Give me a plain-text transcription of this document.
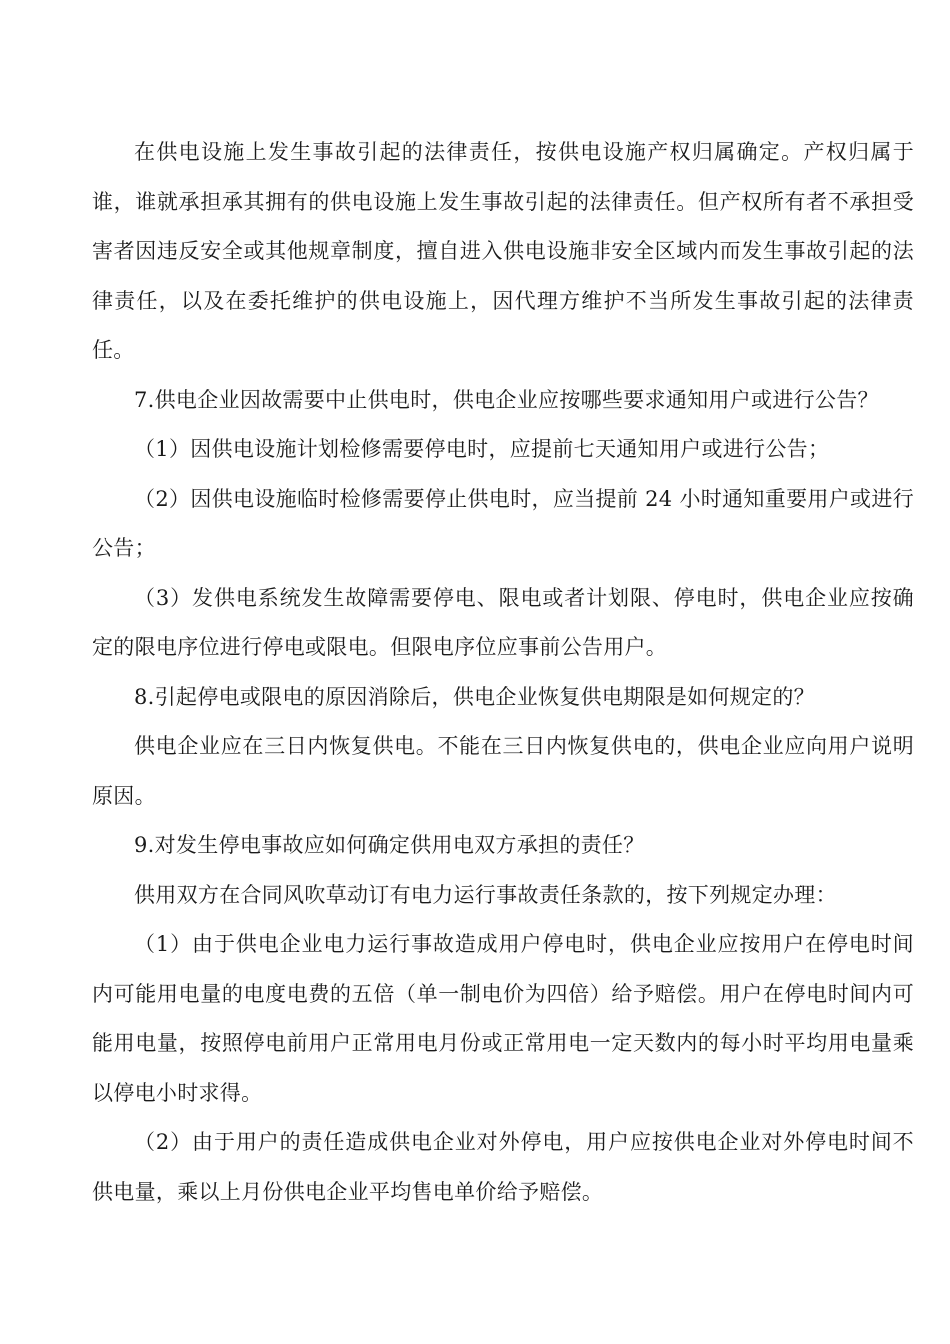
在供电设施上发生事故引起的法律责任，按供电设施产权归属确定。产权归属于谁，谁就承担承其拥有的供电设施上发生事故引起的法律责任。但产权所有者不承担受害者因违反安全或其他规章制度，擅自进入供电设施非安全区域内而发生事故引起的法律责任，以及在委托维护的供电设施上，因代理方维护不当所发生事故引起的法律责任。

7.供电企业因故需要中止供电时，供电企业应按哪些要求通知用户或进行公告？

（1）因供电设施计划检修需要停电时，应提前七天通知用户或进行公告；

（2）因供电设施临时检修需要停止供电时，应当提前 24 小时通知重要用户或进行公告；

（3）发供电系统发生故障需要停电、限电或者计划限、停电时，供电企业应按确定的限电序位进行停电或限电。但限电序位应事前公告用户。

8.引起停电或限电的原因消除后，供电企业恢复供电期限是如何规定的？

供电企业应在三日内恢复供电。不能在三日内恢复供电的，供电企业应向用户说明原因。

9.对发生停电事故应如何确定供用电双方承担的责任？

供用双方在合同风吹草动订有电力运行事故责任条款的，按下列规定办理：

（1）由于供电企业电力运行事故造成用户停电时，供电企业应按用户在停电时间内可能用电量的电度电费的五倍（单一制电价为四倍）给予赔偿。用户在停电时间内可能用电量，按照停电前用户正常用电月份或正常用电一定天数内的每小时平均用电量乘以停电小时求得。

（2）由于用户的责任造成供电企业对外停电，用户应按供电企业对外停电时间不供电量，乘以上月份供电企业平均售电单价给予赔偿。
